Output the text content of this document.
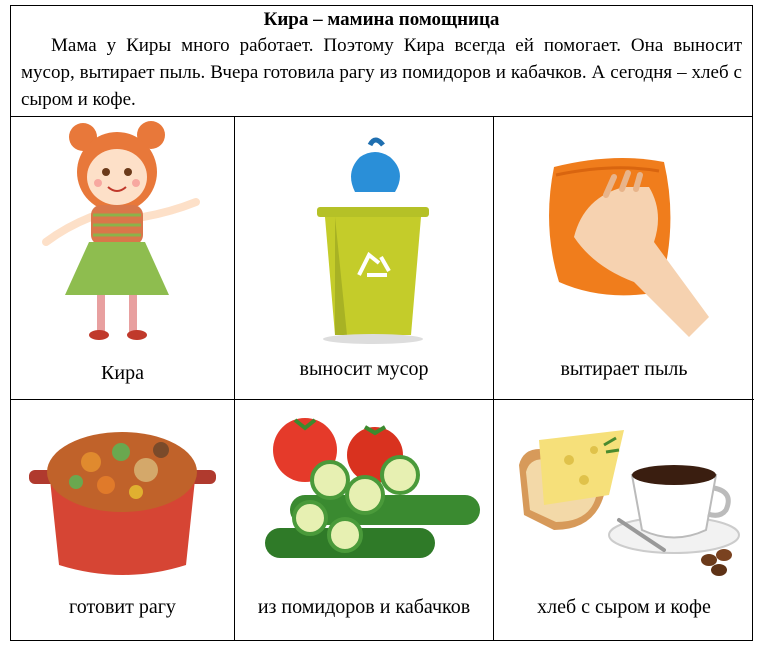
Кира – мамина помощница

Мама у Киры много работает. Поэтому Кира всегда ей помогает. Она выносит мусор, вытирает пыль. Вчера готовила рагу из помидоров и кабачков. А сегодня – хлеб с сыром и кофе.

Кира	выносит мусор	вытирает пыль
готовит рагу	из помидоров и кабачков	хлеб с сыром и кофе
